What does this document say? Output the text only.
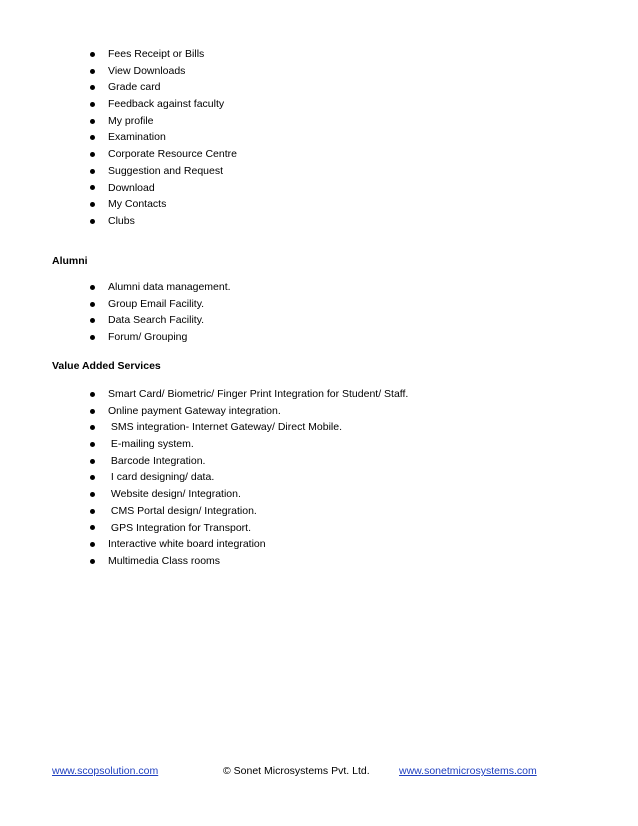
Fees Receipt or Bills
View Downloads
Grade card
Feedback against faculty
My profile
Examination
Corporate Resource Centre
Suggestion and Request
Download
My Contacts
Clubs
Alumni
Alumni data management.
Group Email Facility.
Data Search Facility.
Forum/ Grouping
Value Added Services
Smart Card/ Biometric/ Finger Print Integration for Student/ Staff.
Online payment Gateway integration.
SMS integration- Internet Gateway/ Direct Mobile.
E-mailing system.
Barcode Integration.
I card designing/ data.
Website design/ Integration.
CMS Portal design/ Integration.
GPS Integration for Transport.
Interactive white board integration
Multimedia Class rooms
www.scopsolution.com	© Sonet Microsystems Pvt. Ltd.	www.sonetmicrosystems.com
